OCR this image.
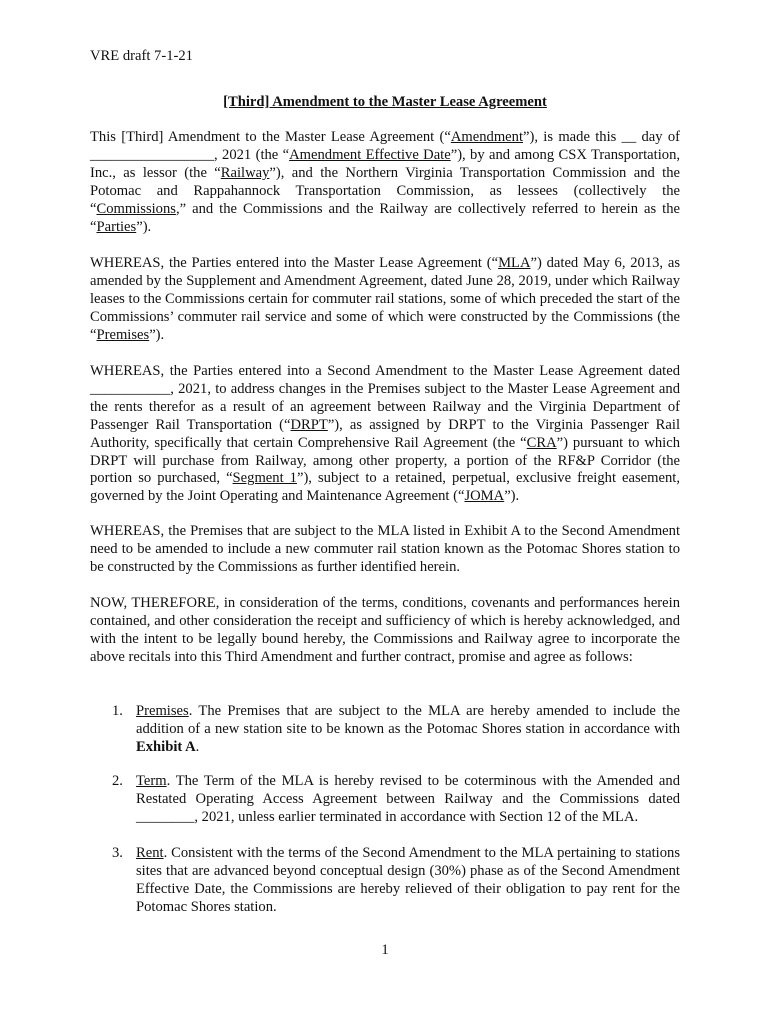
VRE draft 7-1-21
[Third] Amendment to the Master Lease Agreement

This [Third] Amendment to the Master Lease Agreement (“Amendment”), is made this __ day of _________________, 2021 (the “Amendment Effective Date”), by and among CSX Transportation, Inc., as lessor (the “Railway”), and the Northern Virginia Transportation Commission and the Potomac and Rappahannock Transportation Commission, as lessees (collectively the “Commissions,” and the Commissions and the Railway are collectively referred to herein as the “Parties”).

WHEREAS, the Parties entered into the Master Lease Agreement (“MLA”) dated May 6, 2013, as amended by the Supplement and Amendment Agreement, dated June 28, 2019, under which Railway leases to the Commissions certain for commuter rail stations, some of which preceded the start of the Commissions’ commuter rail service and some of which were constructed by the Commissions (the “Premises”).

WHEREAS, the Parties entered into a Second Amendment to the Master Lease Agreement dated ___________, 2021, to address changes in the Premises subject to the Master Lease Agreement and the rents therefor as a result of an agreement between Railway and the Virginia Department of Passenger Rail Transportation (“DRPT”), as assigned by DRPT to the Virginia Passenger Rail Authority, specifically that certain Comprehensive Rail Agreement (the “CRA”) pursuant to which DRPT will purchase from Railway, among other property, a portion of the RF&P Corridor (the portion so purchased, “Segment 1”), subject to a retained, perpetual, exclusive freight easement, governed by the Joint Operating and Maintenance Agreement (“JOMA”).

WHEREAS, the Premises that are subject to the MLA listed in Exhibit A to the Second Amendment need to be amended to include a new commuter rail station known as the Potomac Shores station to be constructed by the Commissions as further identified herein.

NOW, THEREFORE, in consideration of the terms, conditions, covenants and performances herein contained, and other consideration the receipt and sufficiency of which is hereby acknowledged, and with the intent to be legally bound hereby, the Commissions and Railway agree to incorporate the above recitals into this Third Amendment and further contract, promise and agree as follows:

1. Premises. The Premises that are subject to the MLA are hereby amended to include the addition of a new station site to be known as the Potomac Shores station in accordance with Exhibit A.
2. Term. The Term of the MLA is hereby revised to be coterminous with the Amended and Restated Operating Access Agreement between Railway and the Commissions dated ________, 2021, unless earlier terminated in accordance with Section 12 of the MLA.
3. Rent. Consistent with the terms of the Second Amendment to the MLA pertaining to stations sites that are advanced beyond conceptual design (30%) phase as of the Second Amendment Effective Date, the Commissions are hereby relieved of their obligation to pay rent for the Potomac Shores station.
1
